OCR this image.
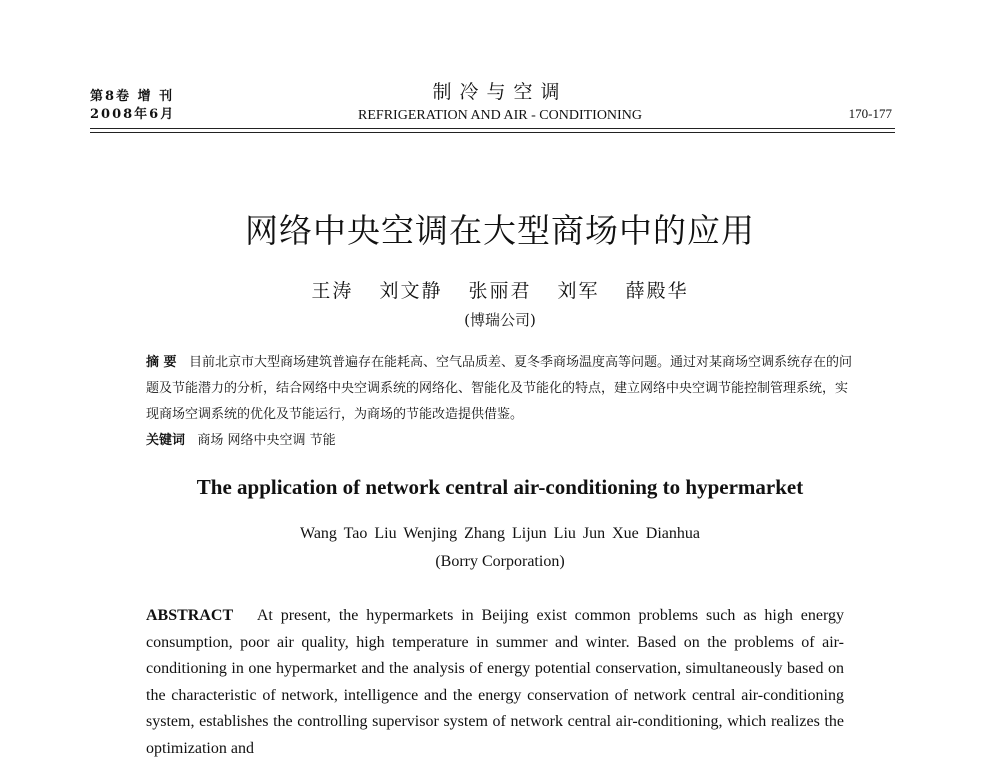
第8卷 增 刊
2008年6月
制冷与空调
REFRIGERATION AND AIR - CONDITIONING	170-177
网络中央空调在大型商场中的应用
王涛 刘文静 张丽君 刘军 薛殿华
(博瑞公司)
摘 要 目前北京市大型商场建筑普遍存在能耗高、空气品质差、夏冬季商场温度高等问题。通过对某商场空调系统存在的问题及节能潜力的分析，结合网络中央空调系统的网络化、智能化及节能化的特点，建立网络中央空调节能控制管理系统，实现商场空调系统的优化及节能运行，为商场的节能改造提供借鉴。
关键词 商场 网络中央空调 节能
The application of network central air-conditioning to hypermarket
Wang Tao Liu Wenjing Zhang Lijun Liu Jun Xue Dianhua
(Borry Corporation)
ABSTRACT At present, the hypermarkets in Beijing exist common problems such as high energy consumption, poor air quality, high temperature in summer and winter. Based on the problems of air-conditioning in one hypermarket and the analysis of energy potential conservation, simultaneously based on the characteristic of network, intelligence and the energy conservation of network central air-conditioning system, establishes the controlling supervisor system of network central air-conditioning, which realizes the optimization and
